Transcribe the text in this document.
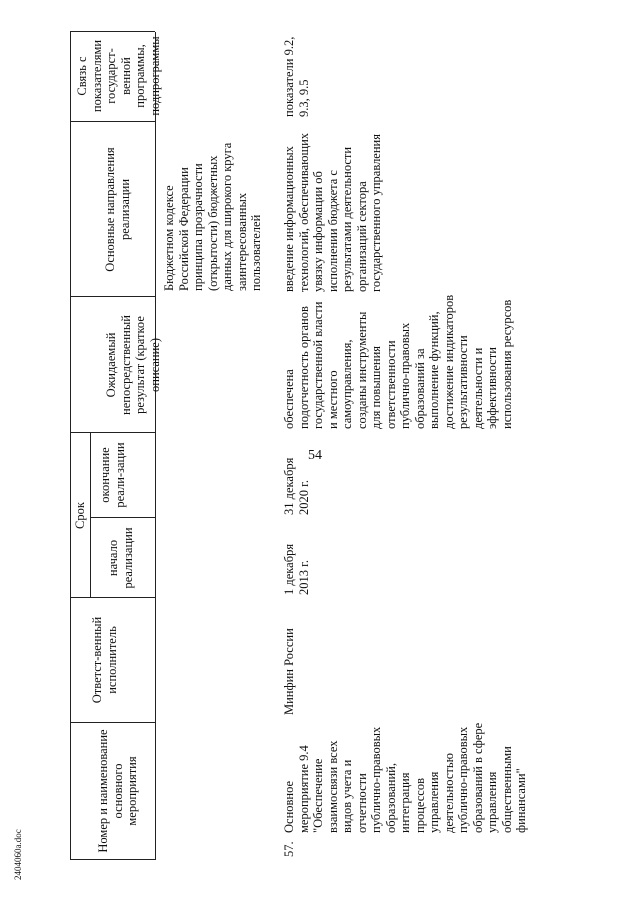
54
2404060а.doc
Номер и наименование основного мероприятия
Ответст-венный исполнитель
Срок
начало реализации
окончание реали-зации
Ожидаемый непосредственный результат (краткое описание)
Основные направления реализации
Связь с показателями государст-венной программы, подпрограммы
Бюджетном кодексе Российской Федерации принципа прозрачности (открытости) бюджетных данных для широкого круга заинтересованных пользователей
57.
Основное мероприятие 9.4 "Обеспечение взаимосвязи всех видов учета и отчетности публично-правовых образований, интеграция процессов управления деятельностью публично-правовых образований в сфере управления общественными финансами"
Минфин России
1 декабря 2013 г.
31 декабря 2020 г.
обеспечена подотчетность органов государственной власти и местного самоуправления, созданы инструменты для повышения ответственности публично-правовых образований за выполнение функций, достижение индикаторов результативности деятельности и эффективности использования ресурсов
введение информационных технологий, обеспечивающих увязку информации об исполнении бюджета с результатами деятельности организаций сектора государственного управления
показатели 9.2, 9.3, 9.5
